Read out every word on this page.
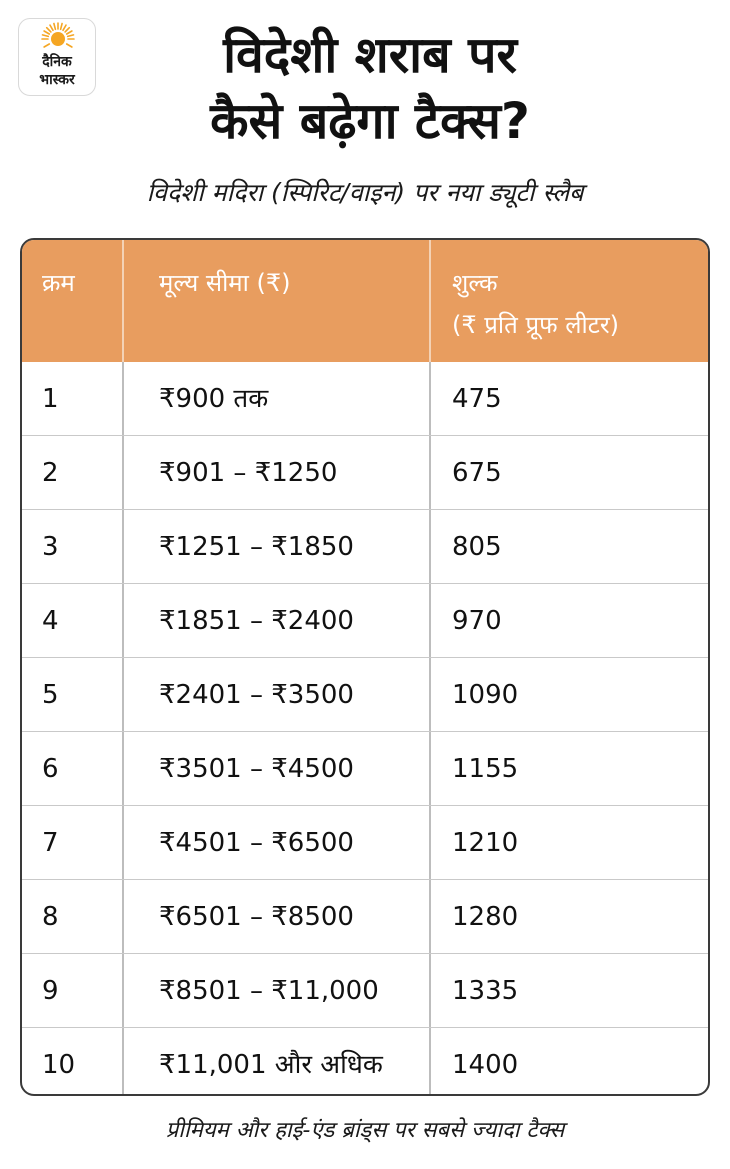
दैनिक
भास्कर	विदेशी शराब पर
कैसे बढ़ेगा टैक्स?
विदेशी मदिरा (स्पिरिट/वाइन) पर नया ड्यूटी स्लैब
क्रम	मूल्य सीमा (₹)	शुल्क
(₹ प्रति प्रूफ लीटर)
1	₹900 तक	475
2	₹901 – ₹1250	675
3	₹1251 – ₹1850	805
4	₹1851 – ₹2400	970
5	₹2401 – ₹3500	1090
6	₹3501 – ₹4500	1155
7	₹4501 – ₹6500	1210
8	₹6501 – ₹8500	1280
9	₹8501 – ₹11,000	1335
10	₹11,001 और अधिक	1400
प्रीमियम और हाई-एंड ब्रांड्स पर सबसे ज्यादा टैक्स
